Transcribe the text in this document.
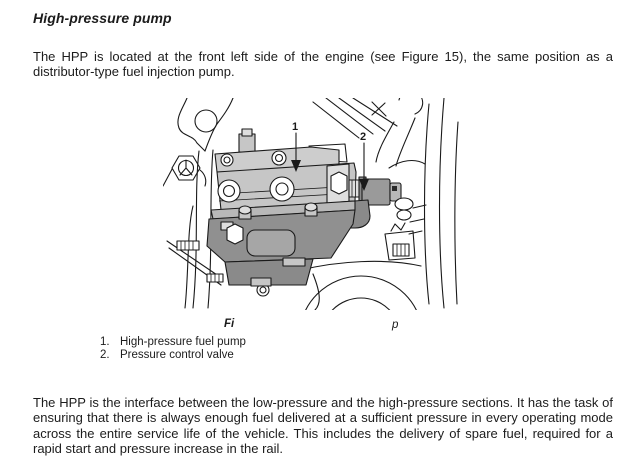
High-pressure pump

The HPP is located at the front left side of the engine (see Figure 15), the same position as a distributor-type fuel injection pump.

1
2
Fi	p
1. High-pressure fuel pump
2. Pressure control valve

The HPP is the interface between the low-pressure and the high-pressure sections. It has the task of ensuring that there is always enough fuel delivered at a sufficient pressure in every operating mode across the entire service life of the vehicle. This includes the delivery of spare fuel, required for a rapid start and pressure increase in the rail.
